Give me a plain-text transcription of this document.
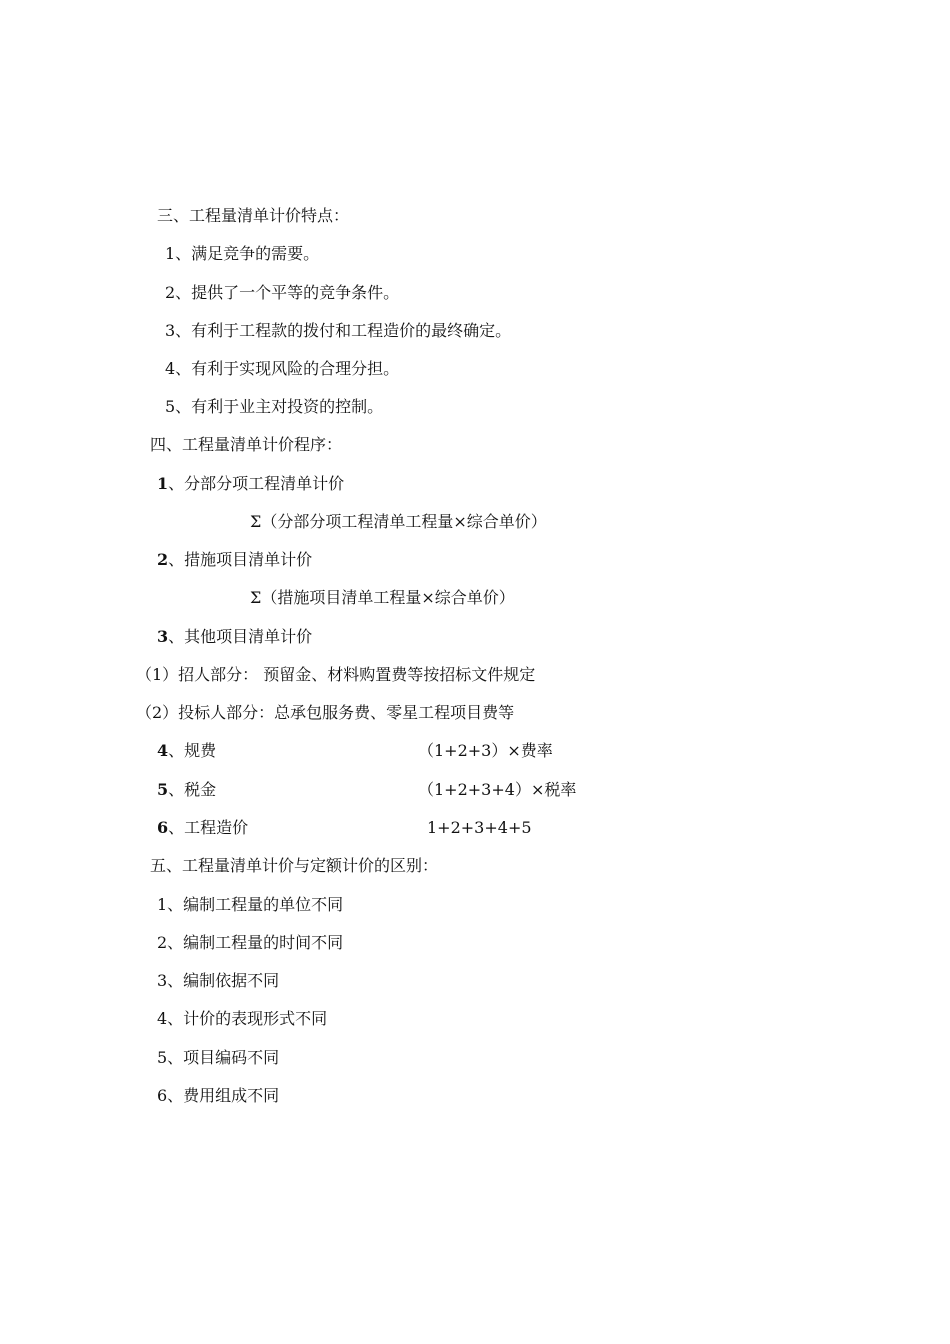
三、工程量清单计价特点：
1、满足竞争的需要。
2、提供了一个平等的竞争条件。
3、有利于工程款的拨付和工程造价的最终确定。
4、有利于实现风险的合理分担。
5、有利于业主对投资的控制。
四、工程量清单计价程序：
1、分部分项工程清单计价
Σ（分部分项工程清单工程量×综合单价）
2、措施项目清单计价
Σ（措施项目清单工程量×综合单价）
3、其他项目清单计价
（1）招人部分： 预留金、材料购置费等按招标文件规定
（2）投标人部分：总承包服务费、零星工程项目费等
4、规费	（1+2+3）×费率
5、税金	（1+2+3+4）×税率
6、工程造价	1+2+3+4+5
五、工程量清单计价与定额计价的区别：
1、编制工程量的单位不同
2、编制工程量的时间不同
3、编制依据不同
4、计价的表现形式不同
5、项目编码不同
6、费用组成不同
